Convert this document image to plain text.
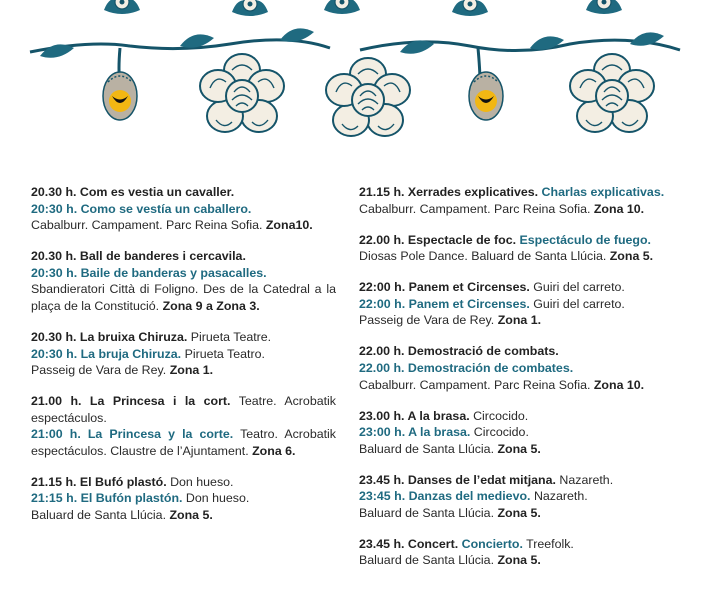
20.30 h. Com es vestia un cavaller.
20:30 h. Como se vestía un caballero.
Cabalburr. Campament. Parc Reina Sofia. Zona10.
20.30 h. Ball de banderes i cercavila.
20:30 h. Baile de banderas y pasacalles.
Sbandieratori Città di Foligno. Des de la Catedral a la plaça de la Constitució. Zona 9 a Zona 3.
20.30 h. La bruixa Chiruza. Pirueta Teatre.
20:30 h. La bruja Chiruza. Pirueta Teatro.
Passeig de Vara de Rey. Zona 1.
21.00 h. La Princesa i la cort. Teatre. Acrobatik espectáculos.
21:00 h. La Princesa y la corte. Teatro. Acrobatik espectáculos. Claustre de l’Ajuntament. Zona 6.
21.15 h. El Bufó plastó. Don hueso.
21:15 h. El Bufón plastón. Don hueso.
Baluard de Santa Llúcia. Zona 5.
21.15 h. Xerrades explicatives. Charlas explicativas.
Cabalburr. Campament. Parc Reina Sofia. Zona 10.
22.00 h. Espectacle de foc. Espectáculo de fuego.
Diosas Pole Dance. Baluard de Santa Llúcia. Zona 5.
22:00 h. Panem et Circenses. Guiri del carreto.
22:00 h. Panem et Circenses. Guiri del carreto.
Passeig de Vara de Rey. Zona 1.
22.00 h. Demostració de combats.
22.00 h. Demostración de combates.
Cabalburr. Campament. Parc Reina Sofia. Zona 10.
23.00 h. A la brasa. Circocido.
23:00 h. A la brasa. Circocido.
Baluard de Santa Llúcia. Zona 5.
23.45 h. Danses de l’edat mitjana. Nazareth.
23:45 h. Danzas del medievo. Nazareth.
Baluard de Santa Llúcia. Zona 5.
23.45 h. Concert. Concierto. Treefolk.
Baluard de Santa Llúcia. Zona 5.
